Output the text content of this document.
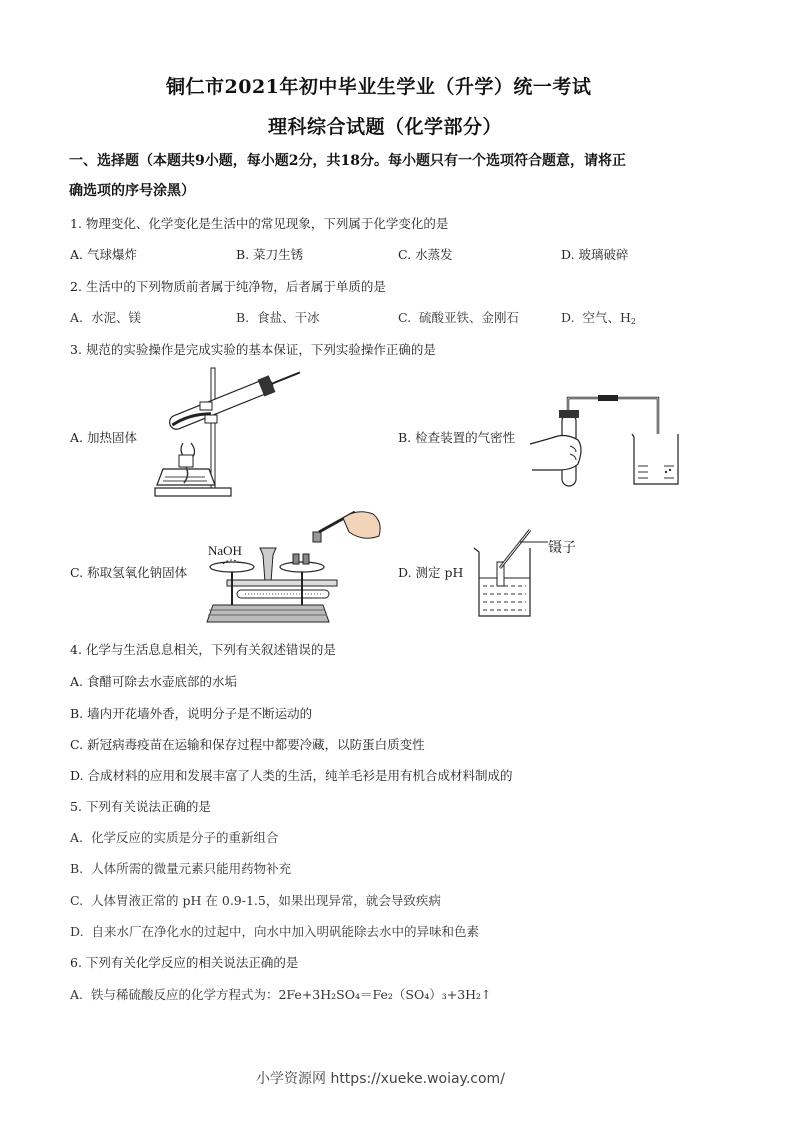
铜仁市2021年初中毕业生学业（升学）统一考试
理科综合试题（化学部分）
一、选择题（本题共9小题，每小题2分，共18分。每小题只有一个选项符合题意，请将正
确选项的序号涂黑）
1. 物理变化、化学变化是生活中的常见现象，下列属于化学变化的是
A. 气球爆炸	B. 菜刀生锈	C. 水蒸发	D. 玻璃破碎
2. 生活中的下列物质前者属于纯净物，后者属于单质的是
A. 水泥、镁	B. 食盐、干冰	C. 硫酸亚铁、金刚石	D. 空气、$H_2$
3. 规范的实验操作是完成实验的基本保证，下列实验操作正确的是
A. 加热固体	B. 检查装置的气密性
C. 称取氢氧化钠固体
NaOH
D. 测定 pH
镊子
4. 化学与生活息息相关，下列有关叙述错误的是
A. 食醋可除去水壶底部的水垢
B. 墙内开花墙外香，说明分子是不断运动的
C. 新冠病毒疫苗在运输和保存过程中都要冷藏，以防蛋白质变性
D. 合成材料的应用和发展丰富了人类的生活，纯羊毛衫是用有机合成材料制成的
5. 下列有关说法正确的是
A. 化学反应的实质是分子的重新组合
B. 人体所需的微量元素只能用药物补充
C. 人体胃液正常的 pH 在 0.9-1.5，如果出现异常，就会导致疾病
D. 自来水厂在净化水的过起中，向水中加入明矾能除去水中的异味和色素
6. 下列有关化学反应的相关说法正确的是
A. 铁与稀硫酸反应的化学方程式为：2Fe+3H₂SO₄＝Fe₂（SO₄）₃+3H₂↑
小学资源网 https://xueke.woiay.com/
